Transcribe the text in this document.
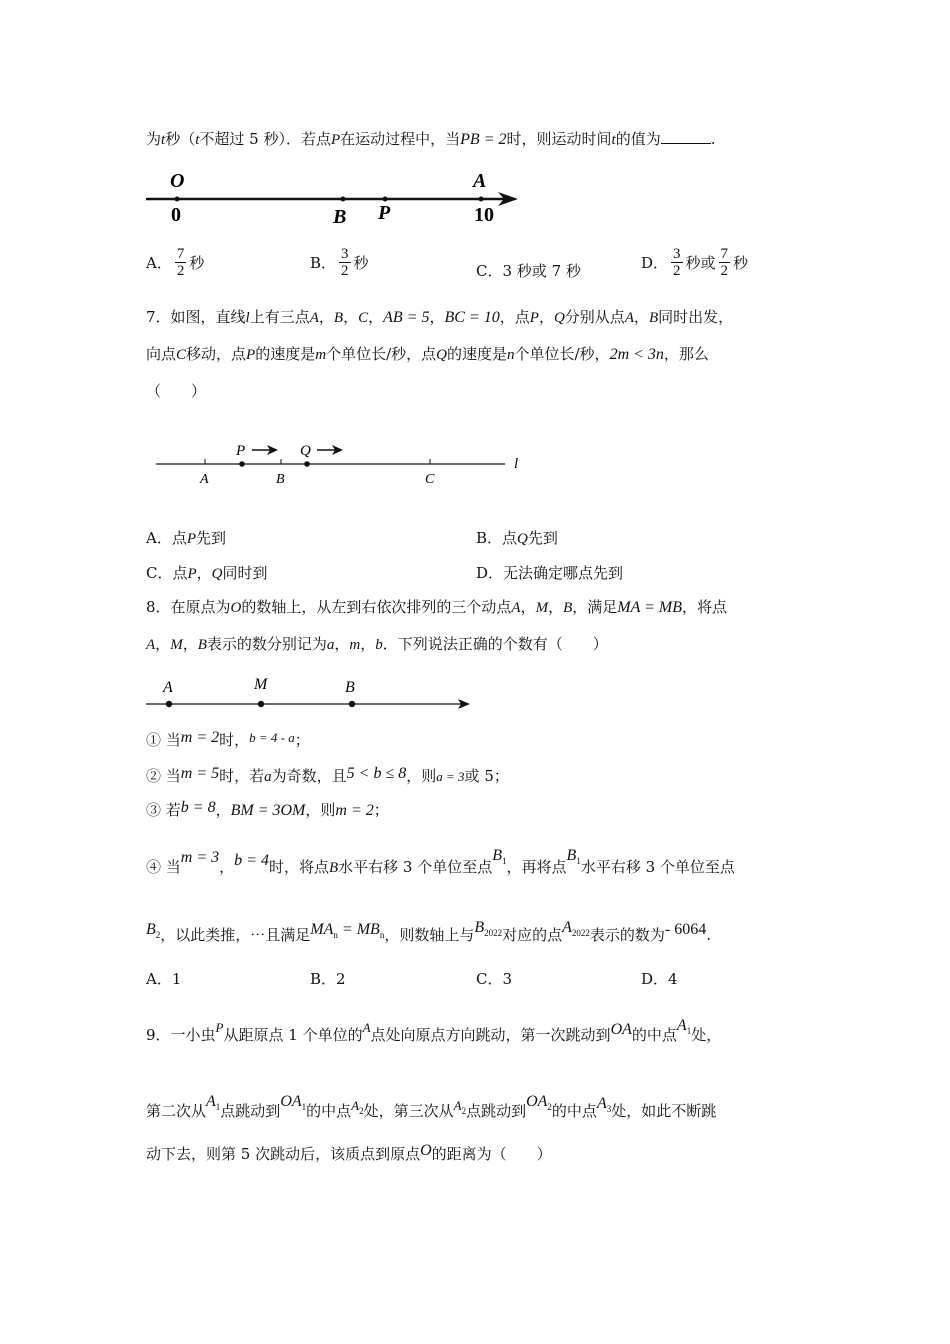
为t秒（t不超过 5 秒）．若点P在运动过程中，当PB = 2时，则运动时间t的值为	.
O
0	B P
A
10
A． $\frac{7}{2}$ 秒	B． $\frac{3}{2}$ 秒	C．3 秒或 7 秒	D． $\frac{3}{2}$ 秒或 $\frac{7}{2}$ 秒
7．如图，直线l上有三点A，B，C，AB = 5，BC = 10，点P，Q分别从点A，B同时出发，
向点C移动，点P的速度是m个单位长/秒，点Q的速度是n个单位长/秒，2m < 3n，那么
（　　）
P	Q
A	B	C
l
A．点P先到	B．点Q先到
C．点P，Q同时到	D．无法确定哪点先到
8．在原点为O的数轴上，从左到右依次排列的三个动点A，M，B，满足MA = MB，将点
A，M，B表示的数分别记为a，m，b．下列说法正确的个数有（　　）
A	M	B
① 当m = 2时，b = 4 - a；
② 当m = 5时，若a为奇数，且5 < b ≤ 8，则a = 3或 5；
③ 若b = 8，BM = 3OM，则m = 2；
④ 当m = 3，b = 4时，将点B水平右移 3 个单位至点$B_1$，再将点$B_1$水平右移 3 个单位至点
$B_2$，以此类推，⋯且满足$MA_n = MB_n$，则数轴上与$B_{2022}$对应的点$A_{2022}$表示的数为- 6064.
A．1	B．2	C．3	D．4
9．一小虫P从距原点 1 个单位的A点处向原点方向跳动，第一次跳动到OA的中点$A_1$处，
第二次从$A_1$点跳动到$OA_1$的中点$A_2$处，第三次从$A_2$点跳动到$OA_2$的中点$A_3$处，如此不断跳
动下去，则第 5 次跳动后，该质点到原点O的距离为（　　）
